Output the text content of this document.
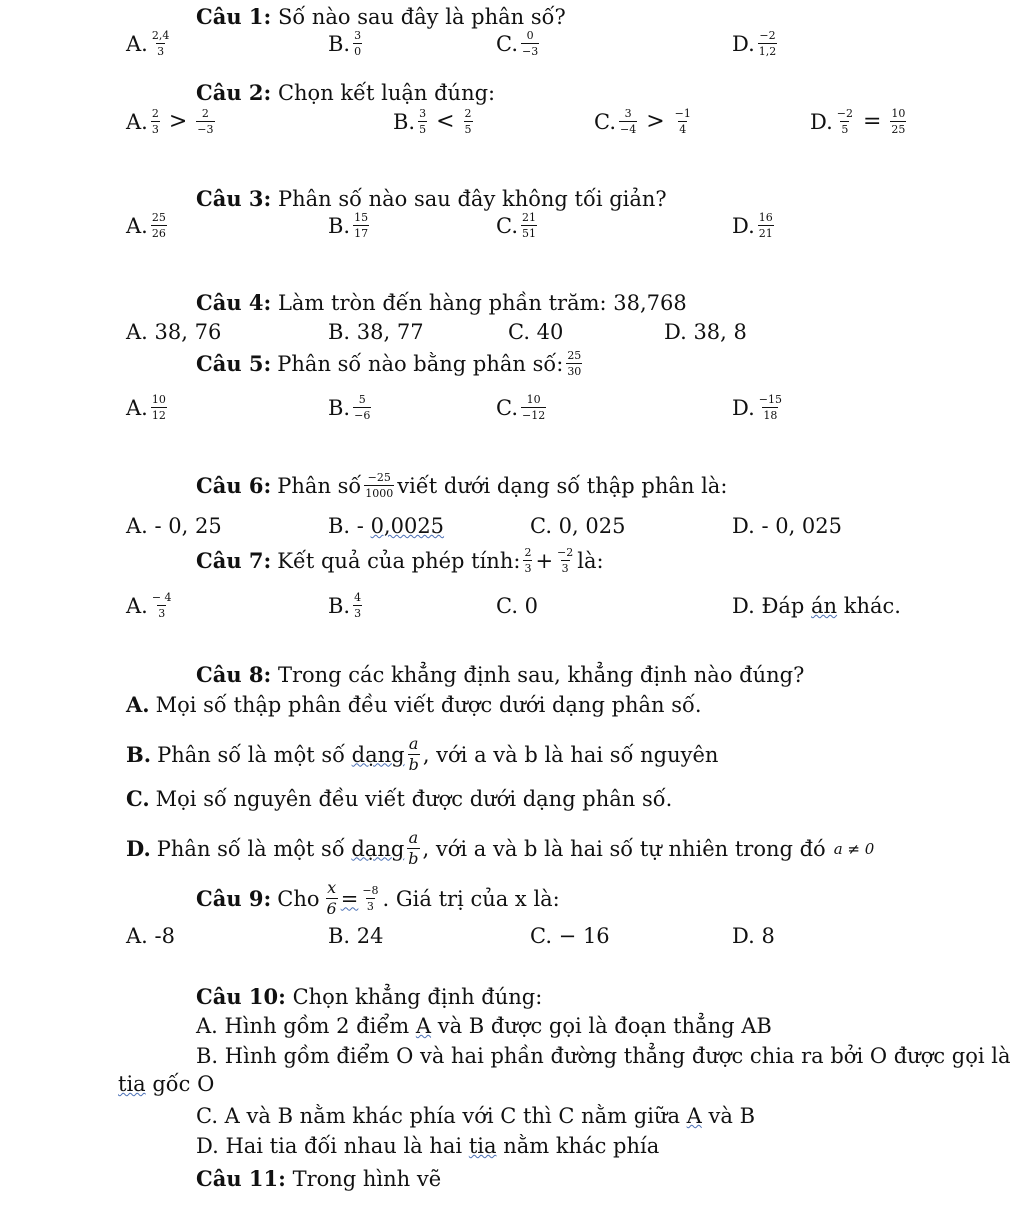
Câu 1: Số nào sau đây là phân số?
A. $\frac{2,4}{3}$	B. $\frac{3}{0}$	C. $\frac{0}{-3}$	D. $\frac{-2}{1,2}$
Câu 2: Chọn kết luận đúng:
A. $\frac{2}{3} > \frac{2}{-3}$	B. $\frac{3}{5} < \frac{2}{5}$	C. $\frac{3}{-4} > \frac{-1}{4}$	D. $\frac{-2}{5} = \frac{10}{25}$
Câu 3: Phân số nào sau đây không tối giản?
A. $\frac{25}{26}$	B. $\frac{15}{17}$	C. $\frac{21}{51}$	D. $\frac{16}{21}$
Câu 4: Làm tròn đến hàng phần trăm: 38,768
A. 38, 76	B. 38, 77	C. 40	D. 38, 8
Câu 5: Phân số nào bằng phân số: $\frac{25}{30}$
A. $\frac{10}{12}$	B. $\frac{5}{-6}$	C. $\frac{10}{-12}$	D. $\frac{-15}{18}$
Câu 6: Phân số $\frac{-25}{1000}$ viết dưới dạng số thập phân là:
A. - 0, 25	B. - 0,0025	C. 0, 025	D. - 0, 025
Câu 7: Kết quả của phép tính: $\frac{2}{3} + \frac{-2}{3}$ là:
A. $\frac{- 4}{3}$	B. $\frac{4}{3}$	C. 0	D. Đáp án khác.
Câu 8: Trong các khẳng định sau, khẳng định nào đúng?
A. Mọi số thập phân đều viết được dưới dạng phân số.
B. Phân số là một số
dạng $\frac{a}{b}$ , với a và b là hai số nguyên
C. Mọi số nguyên đều viết được dưới dạng phân số.
D. Phân số là một số
dạng $\frac{a}{b}$ , với a và b là hai số tự nhiên trong đó a ≠ 0
Câu 9: Cho $\frac{x}{6} = \frac{-8}{3}$ . Giá trị của x là:
A. -8	B. 24	C. − 16	D. 8
Câu 10: Chọn khẳng định đúng:
A. Hình gồm 2 điểm A và B được gọi là đoạn thẳng AB
B. Hình gồm điểm O và hai phần đường thẳng được chia ra bởi O được gọi là
tia gốc O
C. A và B nằm khác phía với C thì C nằm giữa A và B
D. Hai tia đối nhau là hai tia nằm khác phía
Câu 11: Trong hình vẽ
